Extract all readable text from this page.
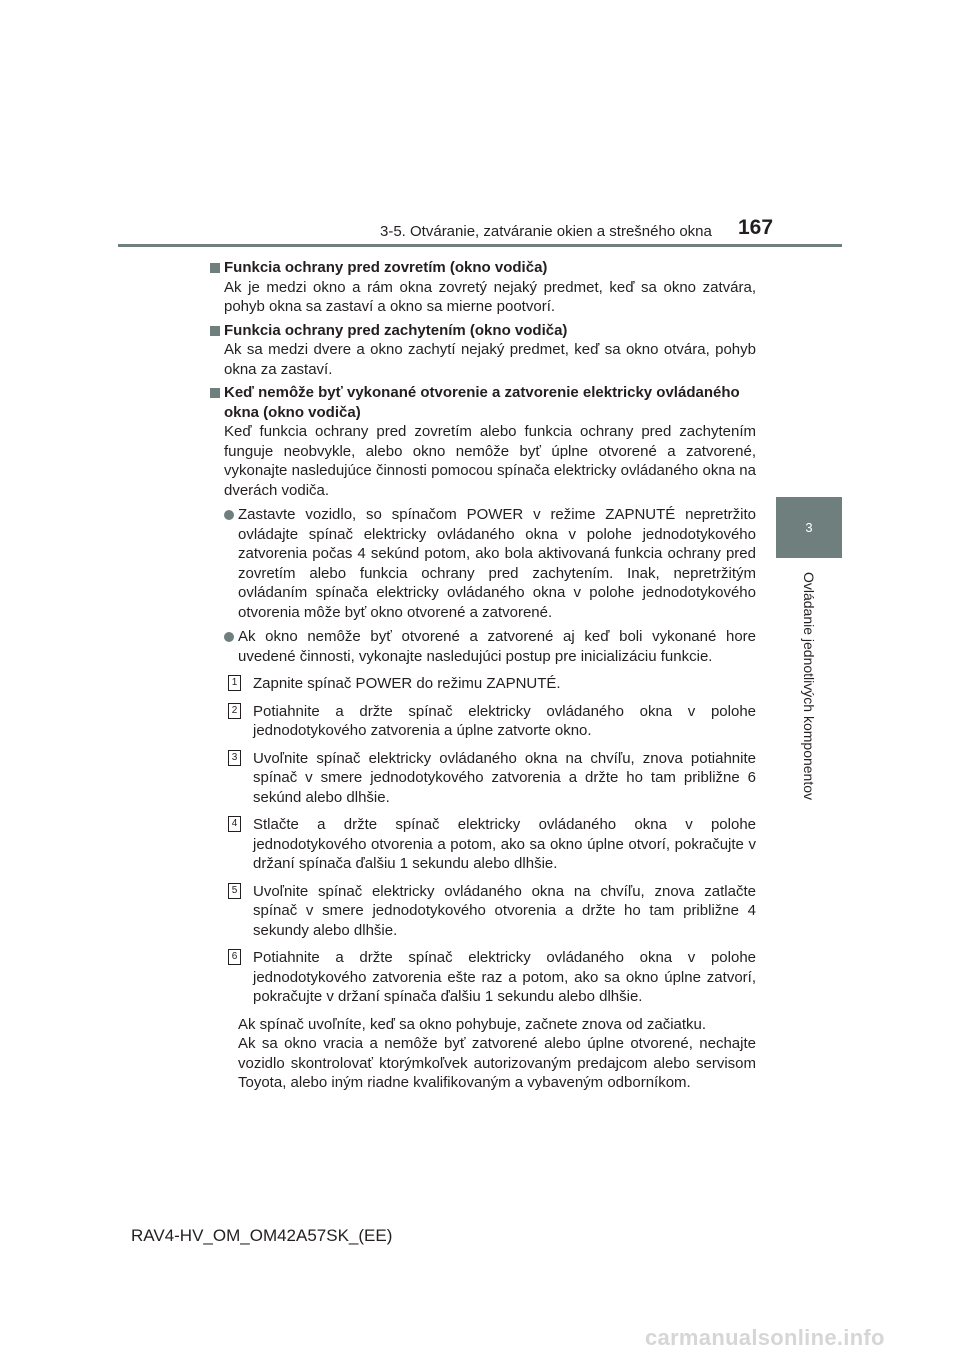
3-5. Otváranie, zatváranie okien a strešného okna 167
3
Ovládanie jednotlivých komponentov
Funkcia ochrany pred zovretím (okno vodiča)
Ak je medzi okno a rám okna zovretý nejaký predmet, keď sa okno zatvára, pohyb okna sa zastaví a okno sa mierne pootvorí.
Funkcia ochrany pred zachytením (okno vodiča)
Ak sa medzi dvere a okno zachytí nejaký predmet, keď sa okno otvára, pohyb okna za zastaví.
Keď nemôže byť vykonané otvorenie a zatvorenie elektricky ovládaného okna (okno vodiča)
Keď funkcia ochrany pred zovretím alebo funkcia ochrany pred zachytením funguje neobvykle, alebo okno nemôže byť úplne otvorené a zatvorené, vykonajte nasledujúce činnosti pomocou spínača elektricky ovládaného okna na dverách vodiča.
Zastavte vozidlo, so spínačom POWER v režime ZAPNUTÉ nepretržito ovládajte spínač elektricky ovládaného okna v polohe jednodotykového zatvorenia počas 4 sekúnd potom, ako bola aktivovaná funkcia ochrany pred zovretím alebo funkcia ochrany pred zachytením. Inak, nepretržitým ovládaním spínača elektricky ovládaného okna v polohe jednodotykového otvorenia môže byť okno otvorené a zatvorené.
Ak okno nemôže byť otvorené a zatvorené aj keď boli vykonané hore uvedené činnosti, vykonajte nasledujúci postup pre inicializáciu funkcie.
1 Zapnite spínač POWER do režimu ZAPNUTÉ.
2 Potiahnite a držte spínač elektricky ovládaného okna v polohe jednodotykového zatvorenia a úplne zatvorte okno.
3 Uvoľnite spínač elektricky ovládaného okna na chvíľu, znova potiahnite spínač v smere jednodotykového zatvorenia a držte ho tam približne 6 sekúnd alebo dlhšie.
4 Stlačte a držte spínač elektricky ovládaného okna v polohe jednodotykového otvorenia a potom, ako sa okno úplne otvorí, pokračujte v držaní spínača ďalšiu 1 sekundu alebo dlhšie.
5 Uvoľnite spínač elektricky ovládaného okna na chvíľu, znova zatlačte spínač v smere jednodotykového otvorenia a držte ho tam približne 4 sekundy alebo dlhšie.
6 Potiahnite a držte spínač elektricky ovládaného okna v polohe jednodotykového zatvorenia ešte raz a potom, ako sa okno úplne zatvorí, pokračujte v držaní spínača ďalšiu 1 sekundu alebo dlhšie.
Ak spínač uvoľníte, keď sa okno pohybuje, začnete znova od začiatku.
Ak sa okno vracia a nemôže byť zatvorené alebo úplne otvorené, nechajte vozidlo skontrolovať ktorýmkoľvek autorizovaným predajcom alebo servisom Toyota, alebo iným riadne kvalifikovaným a vybaveným odborníkom.
RAV4-HV_OM_OM42A57SK_(EE)
carmanualsonline.info
